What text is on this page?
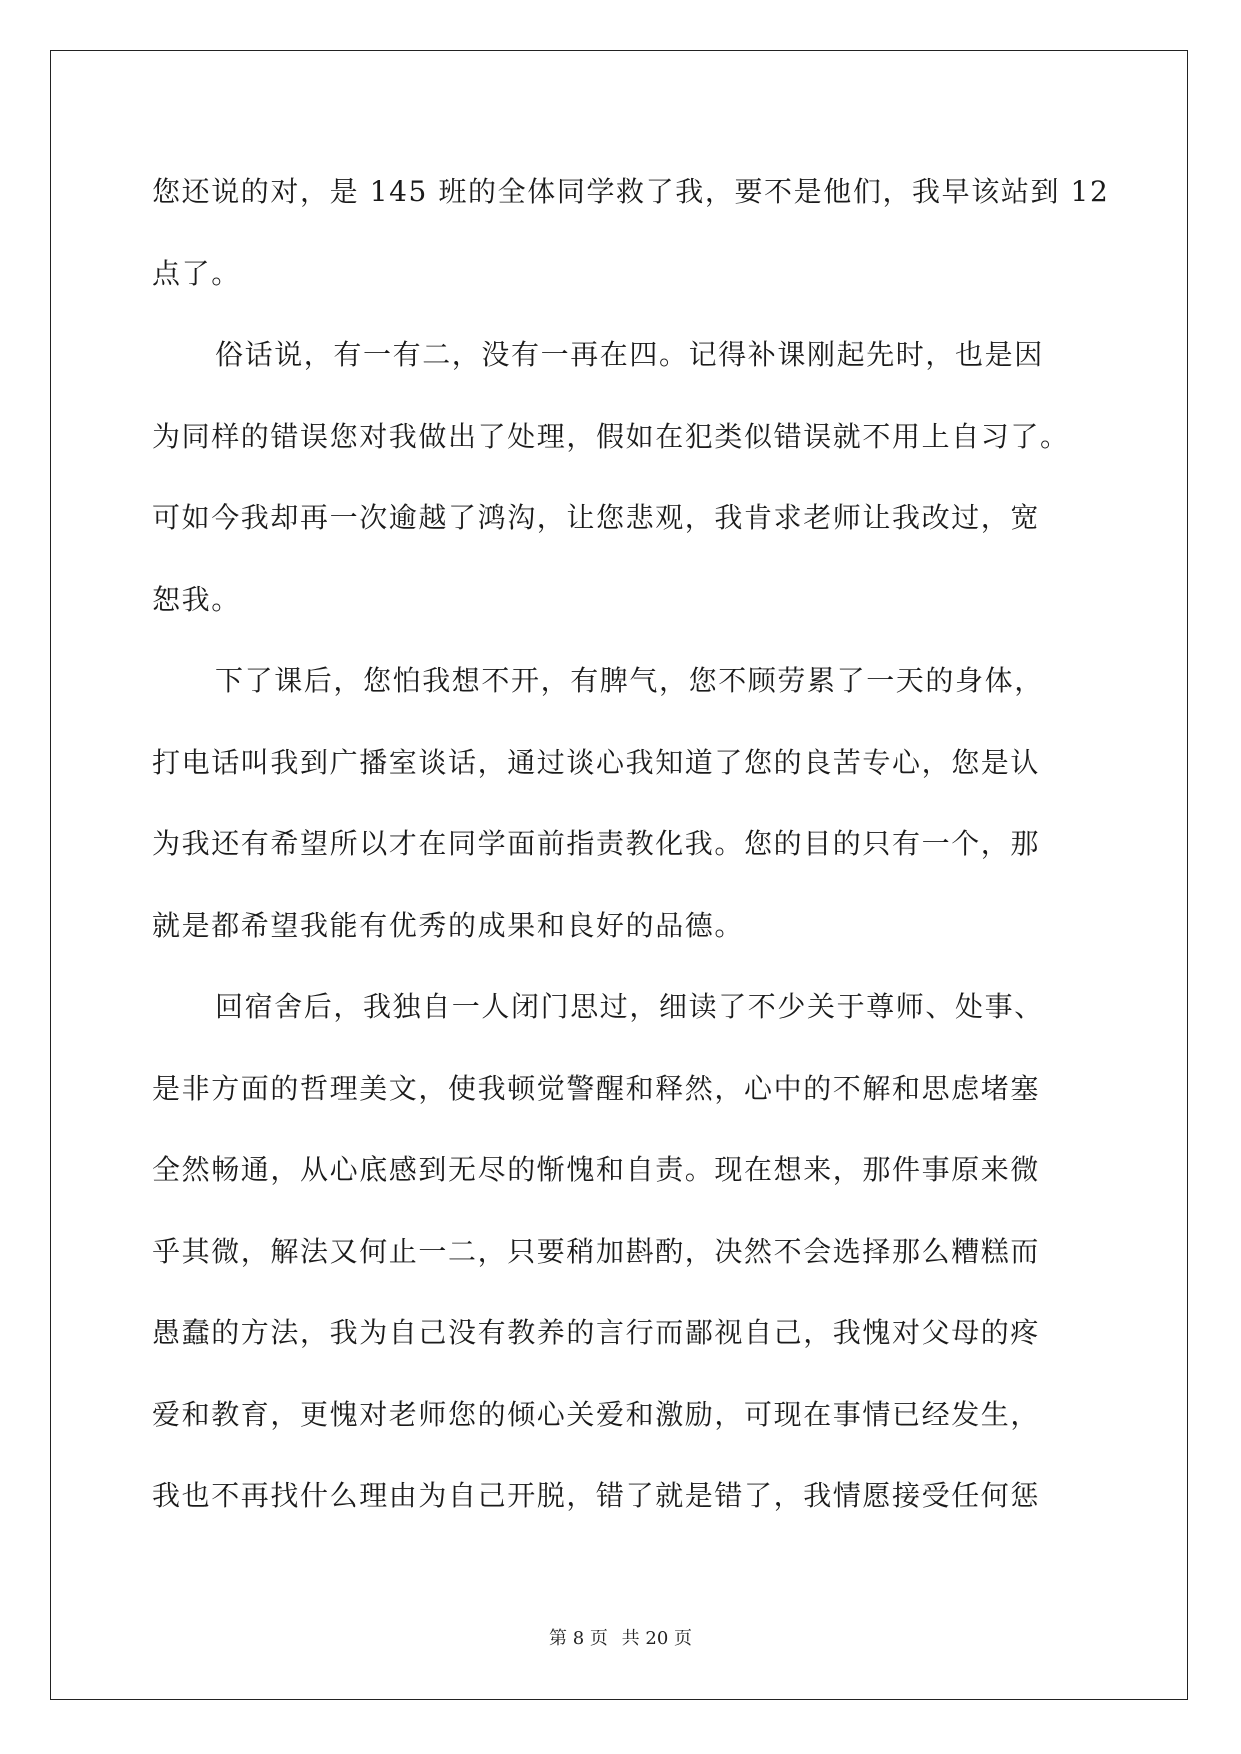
您还说的对，是 145 班的全体同学救了我，要不是他们，我早该站到 12
点了。
俗话说，有一有二，没有一再在四。记得补课刚起先时，也是因
为同样的错误您对我做出了处理，假如在犯类似错误就不用上自习了。
可如今我却再一次逾越了鸿沟，让您悲观，我肯求老师让我改过，宽
恕我。
下了课后，您怕我想不开，有脾气，您不顾劳累了一天的身体，
打电话叫我到广播室谈话，通过谈心我知道了您的良苦专心，您是认
为我还有希望所以才在同学面前指责教化我。您的目的只有一个，那
就是都希望我能有优秀的成果和良好的品德。
回宿舍后，我独自一人闭门思过，细读了不少关于尊师、处事、
是非方面的哲理美文，使我顿觉警醒和释然，心中的不解和思虑堵塞
全然畅通，从心底感到无尽的惭愧和自责。现在想来，那件事原来微
乎其微，解法又何止一二，只要稍加斟酌，决然不会选择那么糟糕而
愚蠢的方法，我为自己没有教养的言行而鄙视自己，我愧对父母的疼
爱和教育，更愧对老师您的倾心关爱和激励，可现在事情已经发生，
我也不再找什么理由为自己开脱，错了就是错了，我情愿接受任何惩
第 8 页 共 20 页
